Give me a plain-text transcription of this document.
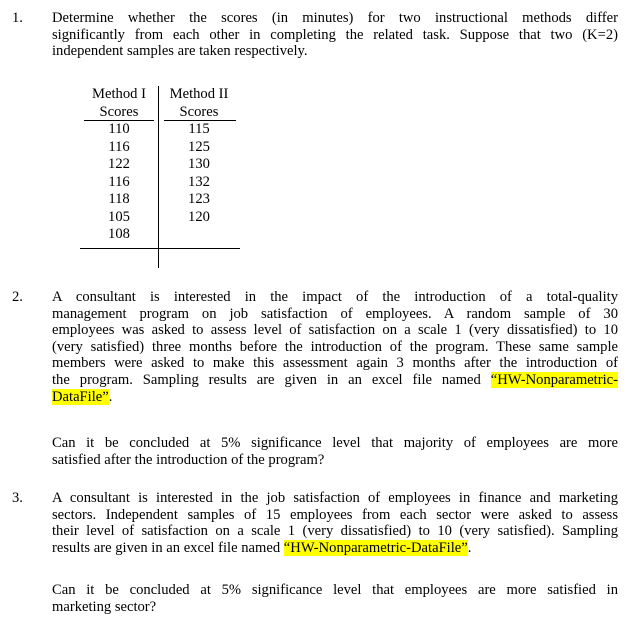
1. Determine whether the scores (in minutes) for two instructional methods differ
significantly from each other in completing the related task. Suppose that two (K=2)
independent samples are taken respectively.
Method I
Scores
110
116
122
116
118
105
108
Method II
Scores
115
125
130
132
123
120
2. A consultant is interested in the impact of the introduction of a total-quality
management program on job satisfaction of employees. A random sample of 30
employees was asked to assess level of satisfaction on a scale 1 (very dissatisfied) to 10
(very satisfied) three months before the introduction of the program. These same sample
members were asked to make this assessment again 3 months after the introduction of
the program. Sampling results are given in an excel file named “HW-Nonparametric-
DataFile”.
Can it be concluded at 5% significance level that majority of employees are more
satisfied after the introduction of the program?
3. A consultant is interested in the job satisfaction of employees in finance and marketing
sectors. Independent samples of 15 employees from each sector were asked to assess
their level of satisfaction on a scale 1 (very dissatisfied) to 10 (very satisfied). Sampling
results are given in an excel file named “HW-Nonparametric-DataFile”.
Can it be concluded at 5% significance level that employees are more satisfied in
marketing sector?
